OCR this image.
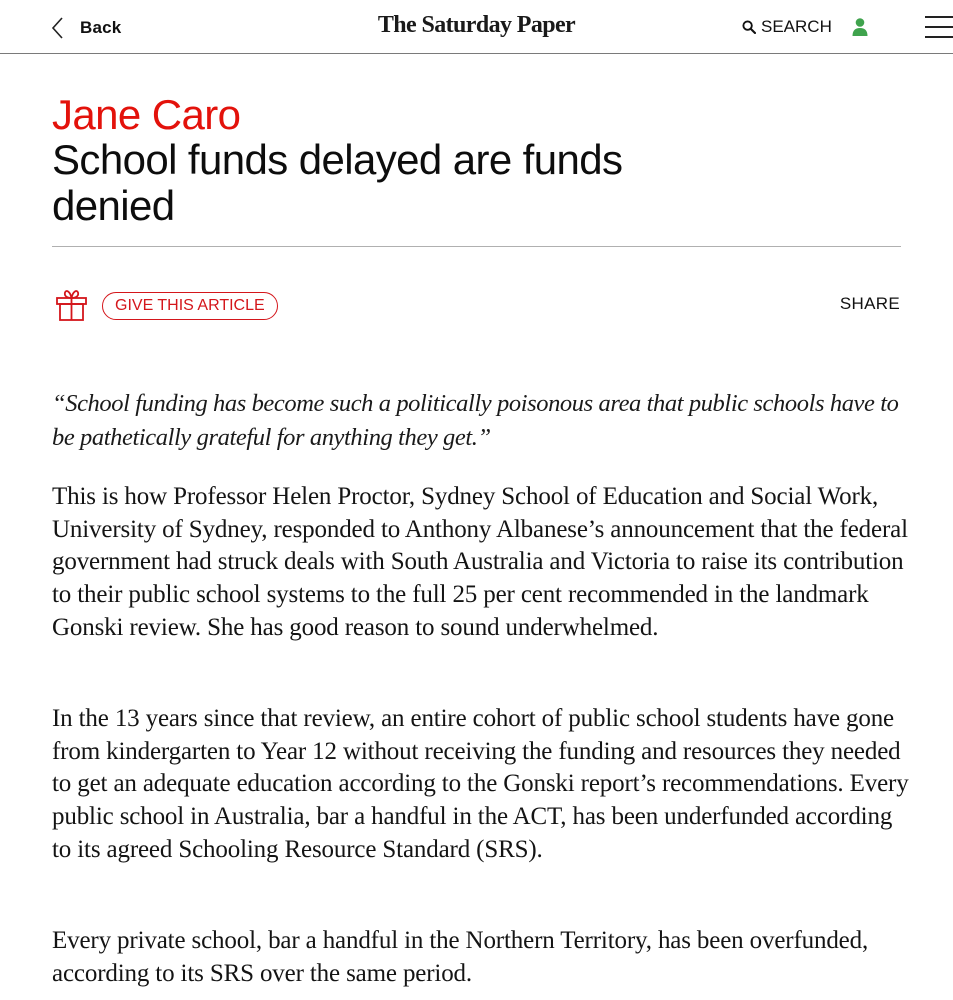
Back	The Saturday Paper	SEARCH
Jane Caro
School funds delayed are funds denied
GIVE THIS ARTICLE	SHARE
“School funding has become such a politically poisonous area that public schools have to be pathetically grateful for anything they get.”

This is how Professor Helen Proctor, Sydney School of Education and Social Work, University of Sydney, responded to Anthony Albanese’s announcement that the federal government had struck deals with South Australia and Victoria to raise its contribution to their public school systems to the full 25 per cent recommended in the landmark Gonski review. She has good reason to sound underwhelmed.

In the 13 years since that review, an entire cohort of public school students have gone from kindergarten to Year 12 without receiving the funding and resources they needed to get an adequate education according to the Gonski report’s recommendations. Every public school in Australia, bar a handful in the ACT, has been underfunded according to its agreed Schooling Resource Standard (SRS).

Every private school, bar a handful in the Northern Territory, has been overfunded, according to its SRS over the same period.
